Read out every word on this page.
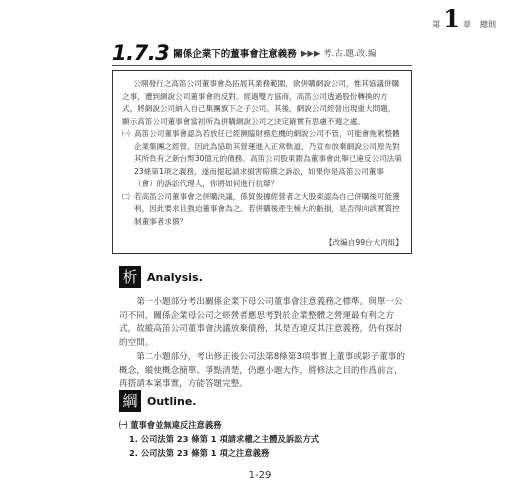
第 1 章 總則
1.7.3 關係企業下的董事會注意義務 ▶▶▶ 考.古.題.改.編

公開發行之高笛公司董事會為拓展其業務範圍，欲併購網說公司，惟其協議併購之事，遭到網說公司董事會的反對。經過雙方協商，高笛公司透過股份轉換的方式，將網說公司納入自己集團旗下之子公司。其後，網說公司經營出現重大問題，顯示高笛公司董事會當初所為併購網說公司之決定確實有思慮不週之處。

㈠ 高笛公司董事會認為若放任已經瀕臨財務危機的網說公司不管，可能會拖累整體企業集團之經營，因此為協助其營運進入正常軌道，乃宣布放棄網說公司原先對其所負有之新台幣30億元的債務。高笛公司股東銀為董事會此舉已違反公司法第23條第1項之義務，遂而提起請求損害賠償之訴訟，如果你是高笛公司董事（會）的訴訟代理人，你將如何進行抗辯？
㈡ 若高笛公司董事會之併購決議，係貿俊據經營者之大股東認為自己併購後可能獲利，因此要求且強迫董事會為之。若併購後產生極大的虧損，是否得向該實質控制董事者求償？
【改編自99台大丙組】
析 Analysis.

第一小題部分考出關係企業下母公司董事會注意義務之標準。與單一公司不同，關係企業母公司之經營者應思考對於企業整體之營運最有利之方式，故縱高笛公司董事會決議放棄債務，其是否違反其注意義務，仍有探討的空間。

第二小題部分，考出修正後公司法第8條第3項事實上董事或影子董事的概念，縱使概念簡單、爭點清楚，仍應小題大作，將修法之目的作爲前言，再搭請本案事實，方能答題完整。

綱 Outline.
㈠ 董事會並無違反注意義務
1. 公司法第 23 條第 1 項請求權之主體及訴訟方式
2. 公司法第 23 條第 1 項之注意義務
1-29
